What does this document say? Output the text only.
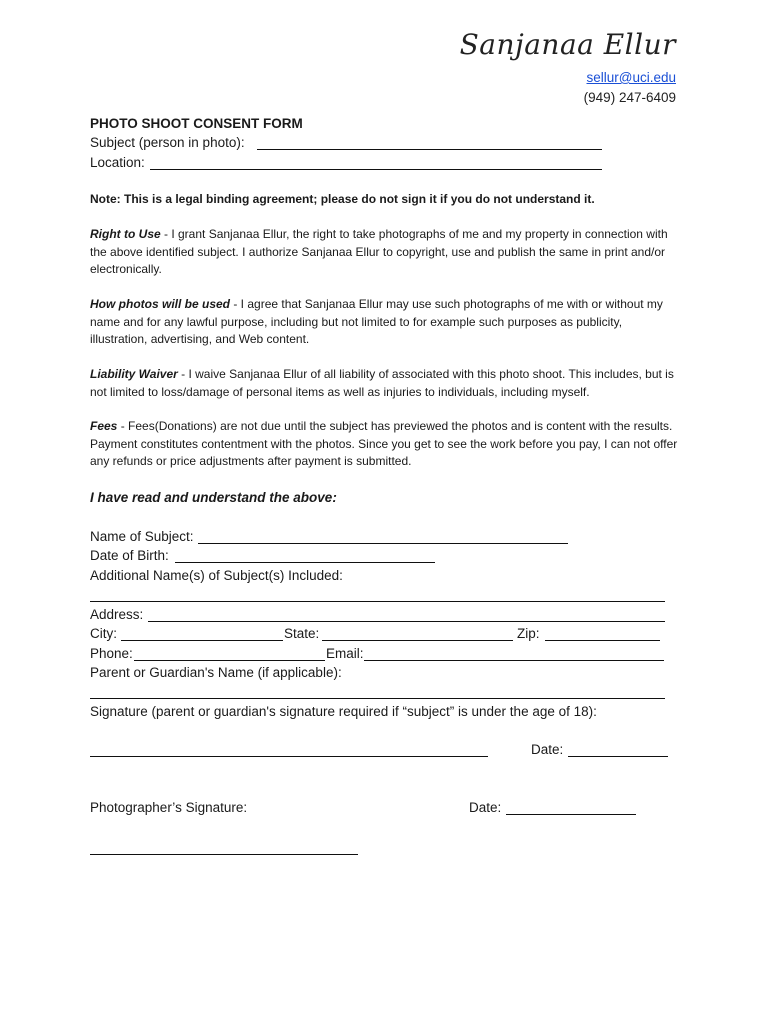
Sanjanaa Ellur
sellur@uci.edu
(949) 247-6409
PHOTO SHOOT CONSENT FORM
Subject (person in photo):
Location:
Note: This is a legal binding agreement; please do not sign it if you do not understand it.
Right to Use - I grant Sanjanaa Ellur, the right to take photographs of me and my property in connection with the above identified subject. I authorize Sanjanaa Ellur to copyright, use and publish the same in print and/or electronically.
How photos will be used - I agree that Sanjanaa Ellur may use such photographs of me with or without my name and for any lawful purpose, including but not limited to for example such purposes as publicity, illustration, advertising, and Web content.
Liability Waiver - I waive Sanjanaa Ellur of all liability of associated with this photo shoot. This includes, but is not limited to loss/damage of personal items as well as injuries to individuals, including myself.
Fees - Fees(Donations) are not due until the subject has previewed the photos and is content with the results. Payment constitutes contentment with the photos. Since you get to see the work before you pay, I can not offer any refunds or price adjustments after payment is submitted.
I have read and understand the above:
Name of Subject:
Date of Birth:
Additional Name(s) of Subject(s) Included:
Address:
City:	State:	Zip:
Phone:	Email:
Parent or Guardian's Name (if applicable):
Signature (parent or guardian's signature required if “subject” is under the age of 18):
Date:
Photographer’s Signature:	Date:
